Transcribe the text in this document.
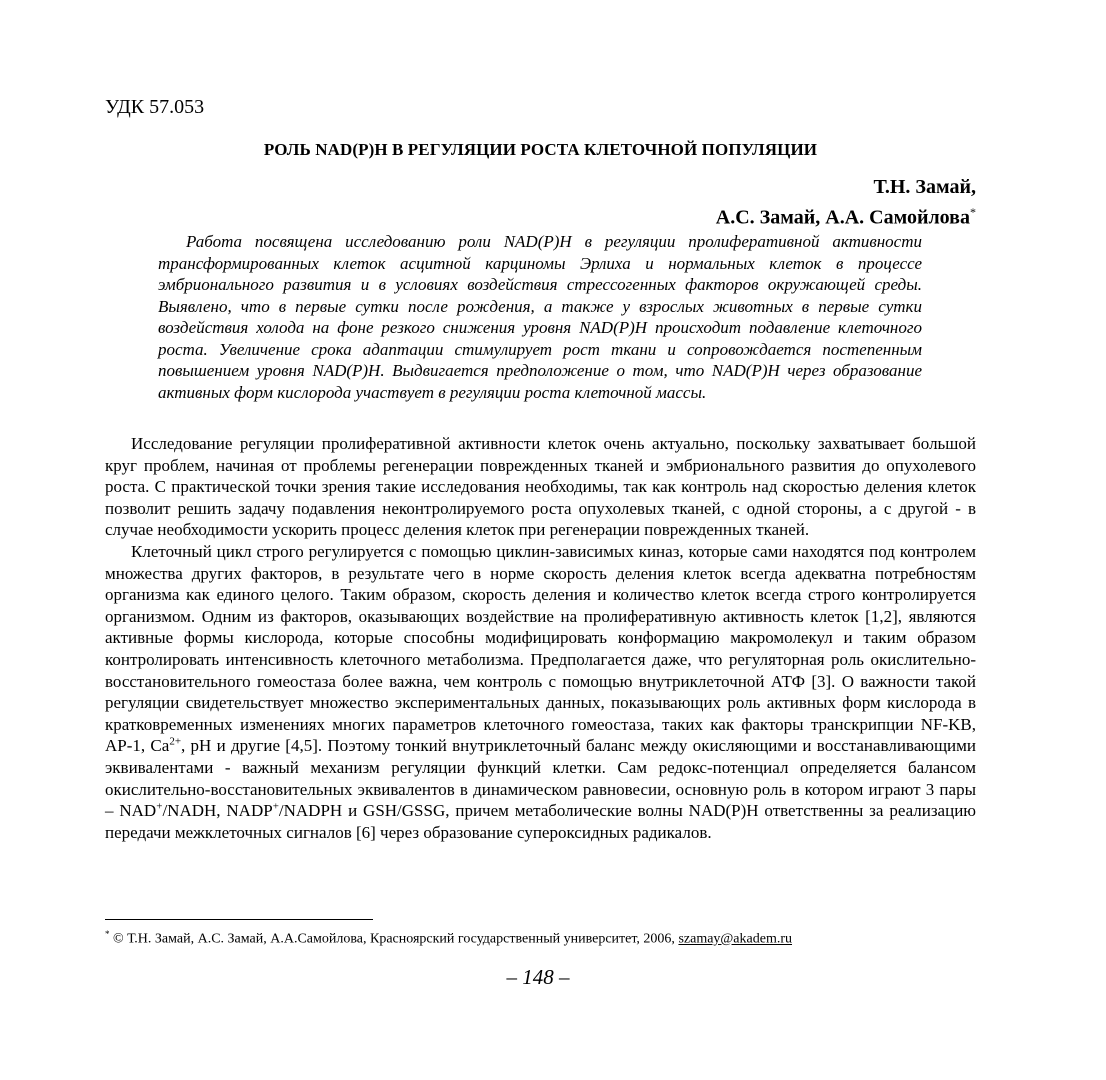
УДК 57.053

РОЛЬ NAD(P)H В РЕГУЛЯЦИИ РОСТА КЛЕТОЧНОЙ ПОПУЛЯЦИИ
Т.Н. Замай,
А.С. Замай, А.А. Самойлова*

Работа посвящена исследованию роли NAD(P)H в регуляции пролиферативной активности трансформированных клеток асцитной карциномы Эрлиха и нормальных клеток в процессе эмбрионального развития и в условиях воздействия стрессогенных факторов окружающей среды. Выявлено, что в первые сутки после рождения, а также у взрослых животных в первые сутки воздействия холода на фоне резкого снижения уровня NAD(P)H происходит подавление клеточного роста. Увеличение срока адаптации стимулирует рост ткани и сопровождается постепенным повышением уровня NAD(P)H. Выдвигается предположение о том, что NAD(P)H через образование активных форм кислорода участвует в регуляции роста клеточной массы.

Исследование регуляции пролиферативной активности клеток очень актуально, поскольку захватывает большой круг проблем, начиная от проблемы регенерации поврежденных тканей и эмбрионального развития до опухолевого роста. С практической точки зрения такие исследования необходимы, так как контроль над скоростью деления клеток позволит решить задачу подавления неконтролируемого роста опухолевых тканей, с одной стороны, а с другой - в случае необходимости ускорить процесс деления клеток при регенерации поврежденных тканей.

Клеточный цикл строго регулируется с помощью циклин-зависимых киназ, которые сами находятся под контролем множества других факторов, в результате чего в норме скорость деления клеток всегда адекватна потребностям организма как единого целого. Таким образом, скорость деления и количество клеток всегда строго контролируется организмом. Одним из факторов, оказывающих воздействие на пролиферативную активность клеток [1,2], являются активные формы кислорода, которые способны модифицировать конформацию макромолекул и таким образом контролировать интенсивность клеточного метаболизма. Предполагается даже, что регуляторная роль окислительно-восстановительного гомеостаза более важна, чем контроль с помощью внутриклеточной АТФ [3]. О важности такой регуляции свидетельствует множество экспериментальных данных, показывающих роль активных форм кислорода в кратковременных изменениях многих параметров клеточного гомеостаза, таких как факторы транскрипции NF-KB, AP-1, $Ca^{2+}$, pH и другие [4,5]. Поэтому тонкий внутриклеточный баланс между окисляющими и восстанавливающими эквивалентами - важный механизм регуляции функций клетки. Сам редокс-потенциал определяется балансом окислительно-восстановительных эквивалентов в динамическом равновесии, основную роль в котором играют 3 пары – NAD+/NADH, NADP+/NADPH и GSH/GSSG, причем метаболические волны NAD(P)H ответственны за реализацию передачи межклеточных сигналов [6] через образование супероксидных радикалов.

* © Т.Н. Замай, А.С. Замай, А.А.Самойлова, Красноярский государственный университет, 2006, szamay@akadem.ru
– 148 –
